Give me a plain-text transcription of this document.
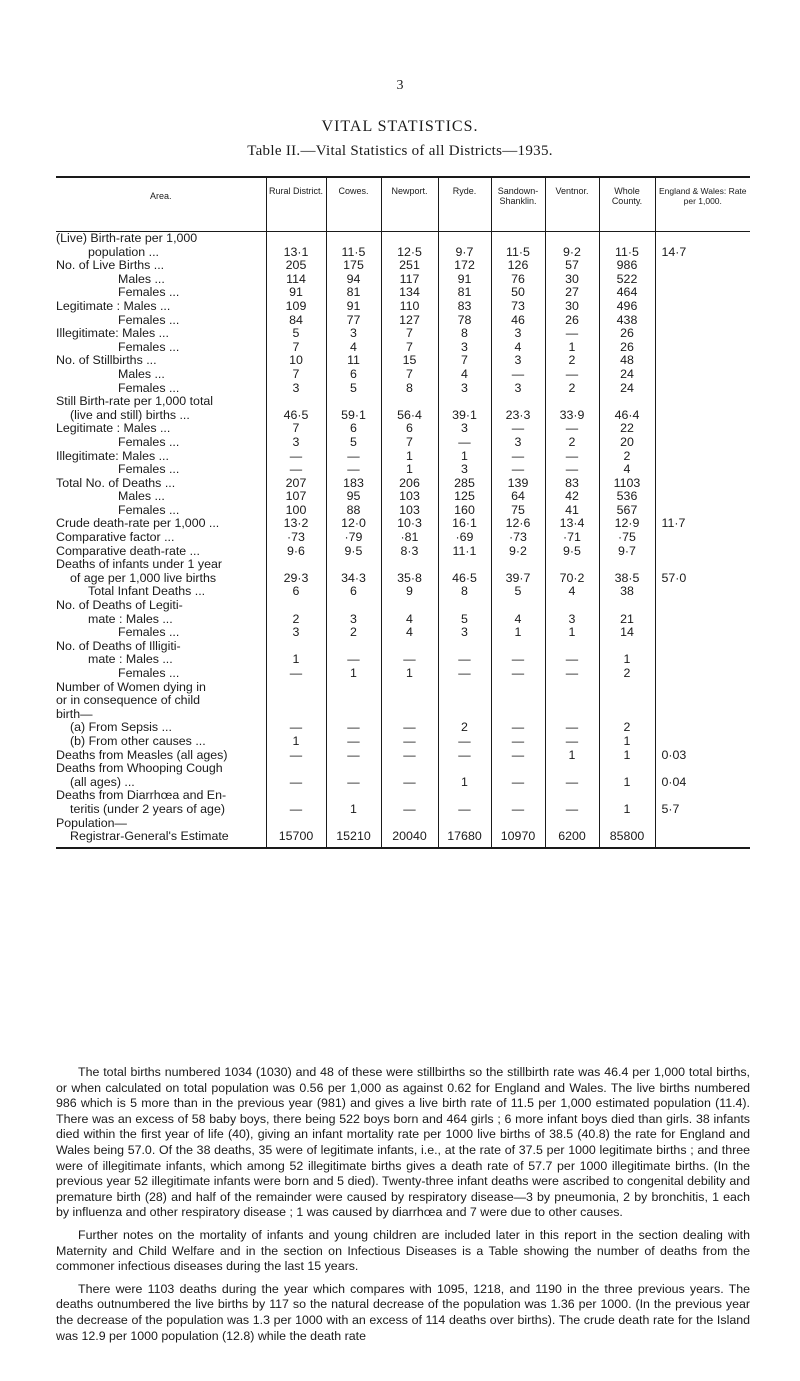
3
VITAL STATISTICS.
Table II.—Vital Statistics of all Districts—1935.
Area.	Rural District.	Cowes.	Newport.	Ryde.	Sandown-Shanklin.	Ventnor.	Whole County.	England & Wales: Rate per 1,000.
(Live) Birth-rate per 1,000								
population ...	13·1	11·5	12·5	9·7	11·5	9·2	11·5	14·7
No. of Live Births ...	205	175	251	172	126	57	986	
Males ...	114	94	117	91	76	30	522	
Females ...	91	81	134	81	50	27	464	
Legitimate : Males ...	109	91	110	83	73	30	496	
Females ...	84	77	127	78	46	26	438	
Illegitimate: Males ...	5	3	7	8	3	—	26	
Females ...	7	4	7	3	4	1	26	
No. of Stillbirths ...	10	11	15	7	3	2	48	
Males ...	7	6	7	4	—	—	24	
Females ...	3	5	8	3	3	2	24	
Still Birth-rate per 1,000 total								
(live and still) births ...	46·5	59·1	56·4	39·1	23·3	33·9	46·4	
Legitimate : Males ...	7	6	6	3	—	—	22	
Females ...	3	5	7	—	3	2	20	
Illegitimate: Males ...	—	—	1	1	—	—	2	
Females ...	—	—	1	3	—	—	4	
Total No. of Deaths ...	207	183	206	285	139	83	1103	
Males ...	107	95	103	125	64	42	536	
Females ...	100	88	103	160	75	41	567	
Crude death-rate per 1,000 ...	13·2	12·0	10·3	16·1	12·6	13·4	12·9	11·7
Comparative factor ...	·73	·79	·81	·69	·73	·71	·75	
Comparative death-rate ...	9·6	9·5	8·3	11·1	9·2	9·5	9·7	
Deaths of infants under 1 year								
of age per 1,000 live births	29·3	34·3	35·8	46·5	39·7	70·2	38·5	57·0
Total Infant Deaths ...	6	6	9	8	5	4	38	
No. of Deaths of Legiti-								
mate : Males ...	2	3	4	5	4	3	21	
Females ...	3	2	4	3	1	1	14	
No. of Deaths of Illigiti-								
mate : Males ...	1	—	—	—	—	—	1	
Females ...	—	1	1	—	—	—	2	
Number of Women dying in								
or in consequence of child								
birth—								
(a) From Sepsis ...	—	—	—	2	—	—	2	
(b) From other causes ...	1	—	—	—	—	—	1	
Deaths from Measles (all ages)	—	—	—	—	—	1	1	0·03
Deaths from Whooping Cough								
(all ages) ...	—	—	—	1	—	—	1	0·04
Deaths from Diarrhœa and En-								
teritis (under 2 years of age)	—	1	—	—	—	—	1	5·7
Population—								
Registrar-General's Estimate	15700	15210	20040	17680	10970	6200	85800	

The total births numbered 1034 (1030) and 48 of these were stillbirths so the stillbirth rate was 46.4 per 1,000 total births, or when calculated on total population was 0.56 per 1,000 as against 0.62 for England and Wales. The live births numbered 986 which is 5 more than in the previous year (981) and gives a live birth rate of 11.5 per 1,000 estimated population (11.4). There was an excess of 58 baby boys, there being 522 boys born and 464 girls ; 6 more infant boys died than girls. 38 infants died within the first year of life (40), giving an infant mortality rate per 1000 live births of 38.5 (40.8) the rate for England and Wales being 57.0. Of the 38 deaths, 35 were of legitimate infants, i.e., at the rate of 37.5 per 1000 legitimate births ; and three were of illegitimate infants, which among 52 illegitimate births gives a death rate of 57.7 per 1000 illegitimate births. (In the previous year 52 illegitimate infants were born and 5 died). Twenty-three infant deaths were ascribed to congenital debility and premature birth (28) and half of the remainder were caused by respiratory disease—3 by pneumonia, 2 by bronchitis, 1 each by influenza and other respiratory disease ; 1 was caused by diarrhœa and 7 were due to other causes.

Further notes on the mortality of infants and young children are included later in this report in the section dealing with Maternity and Child Welfare and in the section on Infectious Diseases is a Table showing the number of deaths from the commoner infectious diseases during the last 15 years.

There were 1103 deaths during the year which compares with 1095, 1218, and 1190 in the three previous years. The deaths outnumbered the live births by 117 so the natural decrease of the population was 1.36 per 1000. (In the previous year the decrease of the population was 1.3 per 1000 with an excess of 114 deaths over births). The crude death rate for the Island was 12.9 per 1000 population (12.8) while the death rate
